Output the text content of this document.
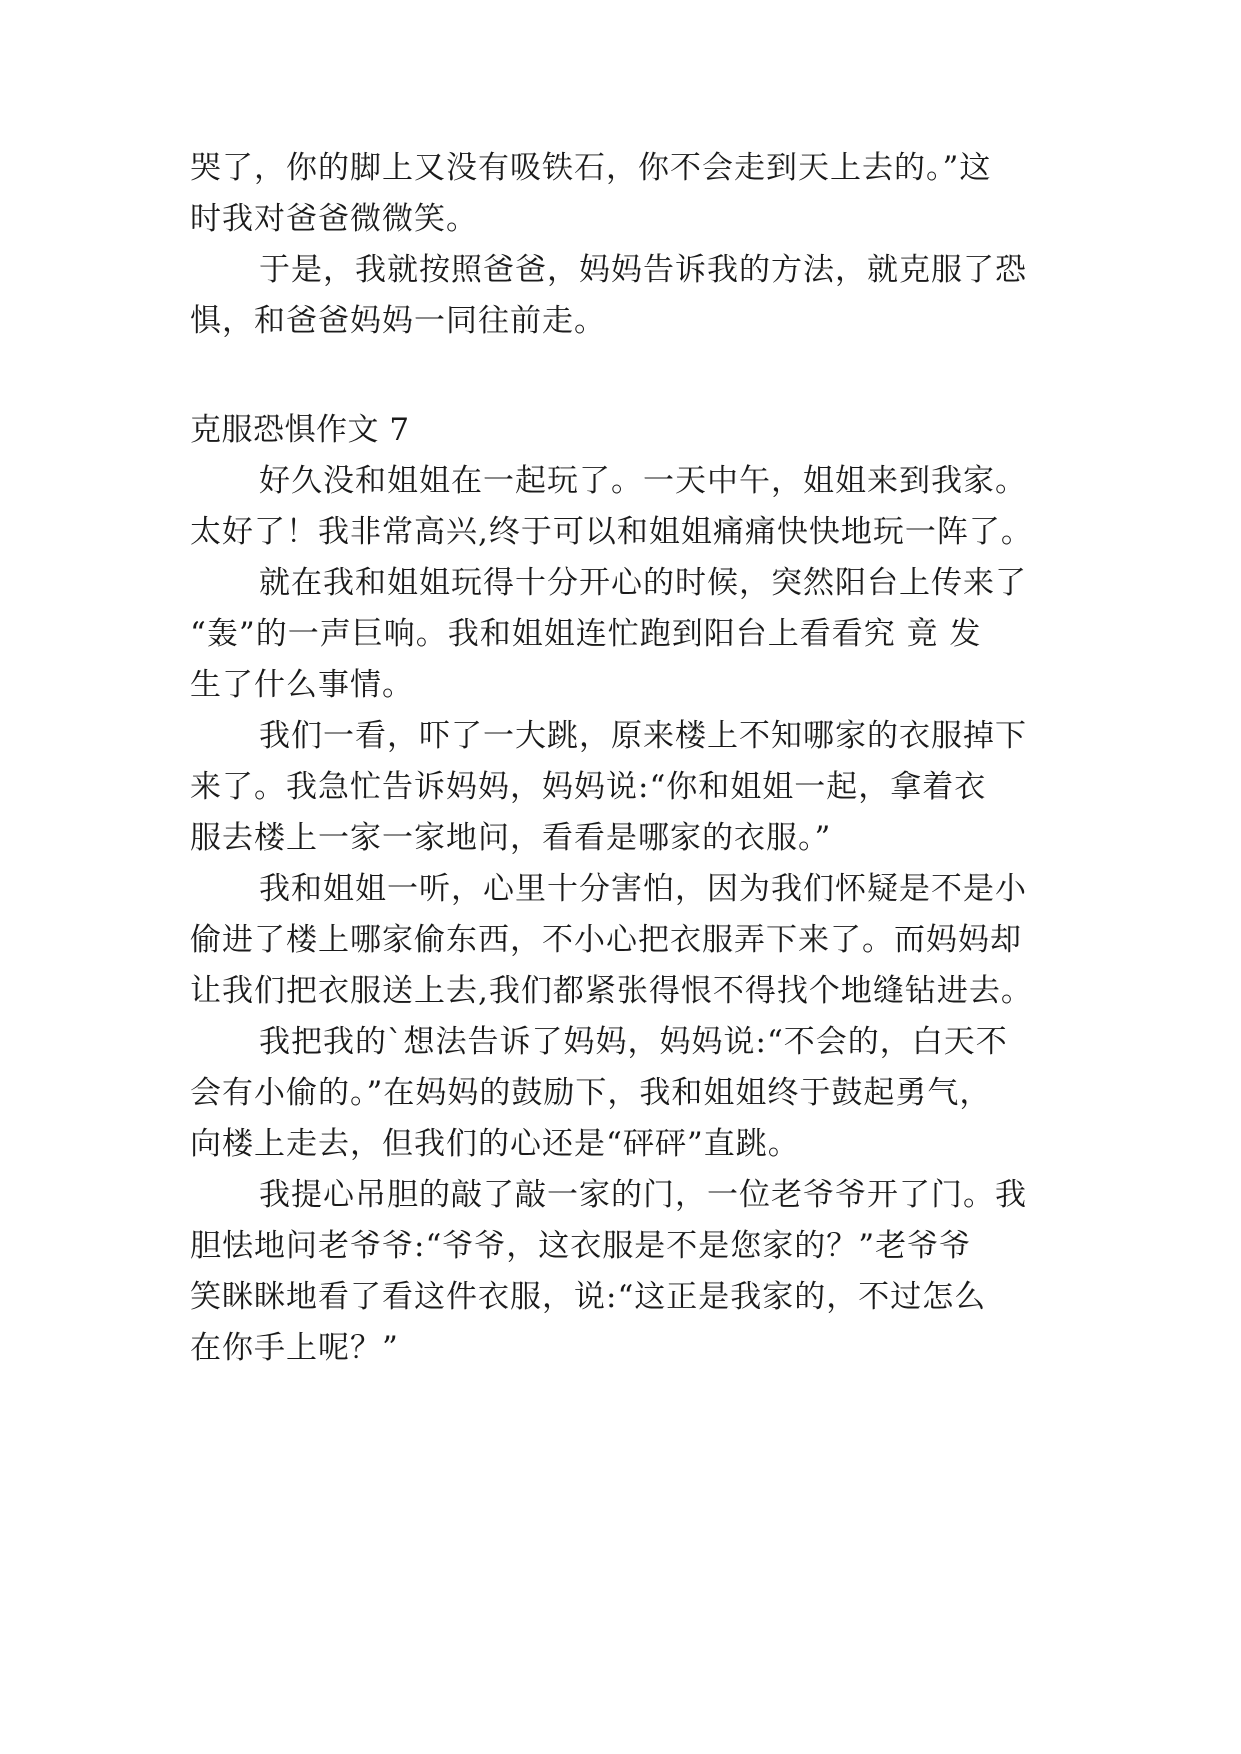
哭了，你的脚上又没有吸铁石，你不会走到天上去的。”这
时我对爸爸微微笑。
于是，我就按照爸爸，妈妈告诉我的方法，就克服了恐
惧，和爸爸妈妈一同往前走。
克服恐惧作文 7
好久没和姐姐在一起玩了。一天中午，姐姐来到我家。
太好了！我非常高兴,终于可以和姐姐痛痛快快地玩一阵了。
就在我和姐姐玩得十分开心的时候，突然阳台上传来了
“轰”的一声巨响。我和姐姐连忙跑到阳台上看看究 竟 发
生了什么事情。
我们一看，吓了一大跳，原来楼上不知哪家的衣服掉下
来了。我急忙告诉妈妈，妈妈说:“你和姐姐一起，拿着衣
服去楼上一家一家地问，看看是哪家的衣服。”
我和姐姐一听，心里十分害怕，因为我们怀疑是不是小
偷进了楼上哪家偷东西，不小心把衣服弄下来了。而妈妈却
让我们把衣服送上去,我们都紧张得恨不得找个地缝钻进去。
我把我的`想法告诉了妈妈，妈妈说:“不会的，白天不
会有小偷的。”在妈妈的鼓励下，我和姐姐终于鼓起勇气，
向楼上走去，但我们的心还是“砰砰”直跳。
我提心吊胆的敲了敲一家的门，一位老爷爷开了门。我
胆怯地问老爷爷:“爷爷，这衣服是不是您家的？”老爷爷
笑眯眯地看了看这件衣服，说:“这正是我家的，不过怎么
在你手上呢？”
